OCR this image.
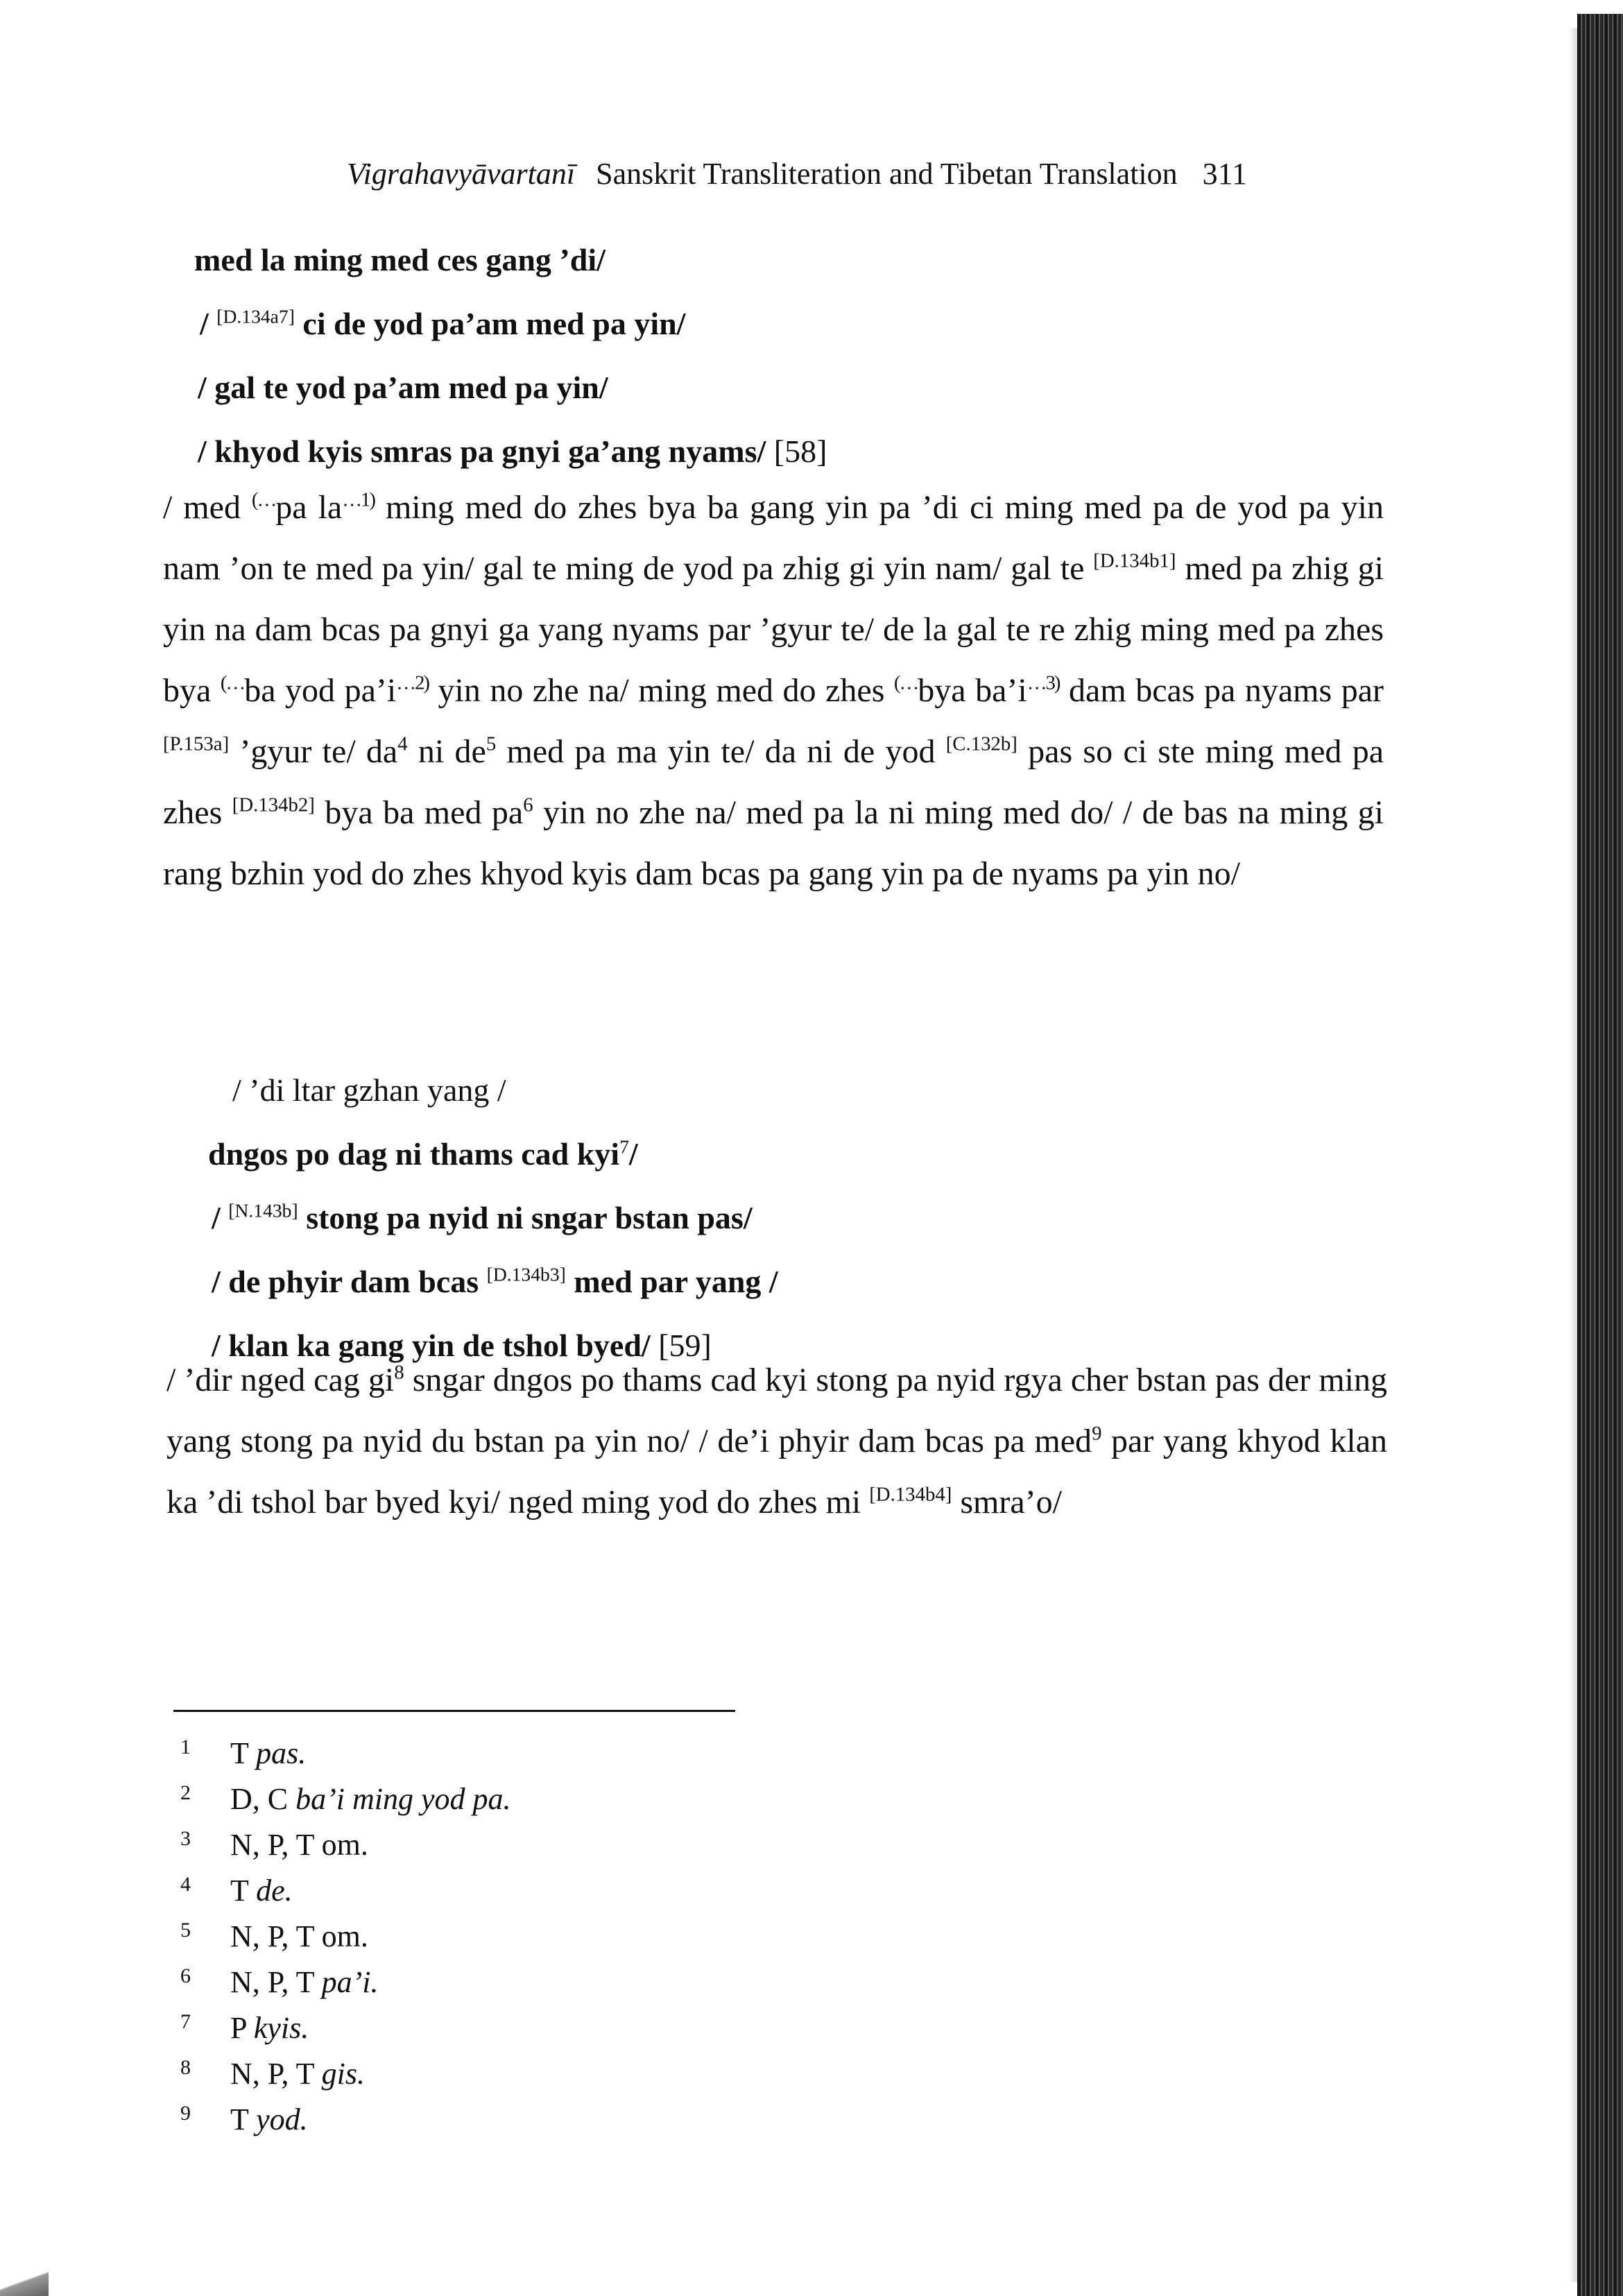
Vigrahavyāvartanī Sanskrit Transliteration and Tibetan Translation 311
med la ming med ces gang ’di/
/ [D.134a7] ci de yod pa’am med pa yin/
/ gal te yod pa’am med pa yin/
/ khyod kyis smras pa gnyi ga’ang nyams/ [58]
/ med (…pa $la^{\dots 1)}$ ming med do zhes bya ba gang yin pa ’di ci ming med pa de yod pa yin nam ’on te med pa yin/ gal te ming de yod pa zhig gi yin nam/ gal te [D.134b1] med pa zhig gi yin na dam bcas pa gnyi ga yang nyams par ’gyur te/ de la gal te re zhig ming med pa zhes bya (…ba yod $pa’i^{\dots 2)}$ yin no zhe na/ ming med do zhes (…bya $ba’i^{\dots 3)}$ dam bcas pa nyams par [P.153a] ’gyur te/ $da^4$ ni $de^5$ med pa ma yin te/ da ni de yod [C.132b] pas so ci ste ming med pa zhes [D.134b2] bya ba med $pa^6$ yin no zhe na/ med pa la ni ming med do/ / de bas na ming gi rang bzhin yod do zhes khyod kyis dam bcas pa gang yin pa de nyams pa yin no/
/ ’di ltar gzhan yang /
dngos po dag ni thams cad kyi$^7$/
/ [N.143b] stong pa nyid ni sngar bstan pas/
/ de phyir dam bcas [D.134b3] med par yang /
/ klan ka gang yin de tshol byed/ [59]
/ ’dir nged cag $gi^8$ sngar dngos po thams cad kyi stong pa nyid rgya cher bstan pas der ming yang stong pa nyid du bstan pa yin no/ / de’i phyir dam bcas pa med$^9$ par yang khyod klan ka ’di tshol bar byed kyi/ nged ming yod do zhes mi [D.134b4] smra’o/
1 T pas.
2 D, C ba’i ming yod pa.
3 N, P, T om.
4 T de.
5 N, P, T om.
6 N, P, T pa’i.
7 P kyis.
8 N, P, T gis.
9 T yod.
